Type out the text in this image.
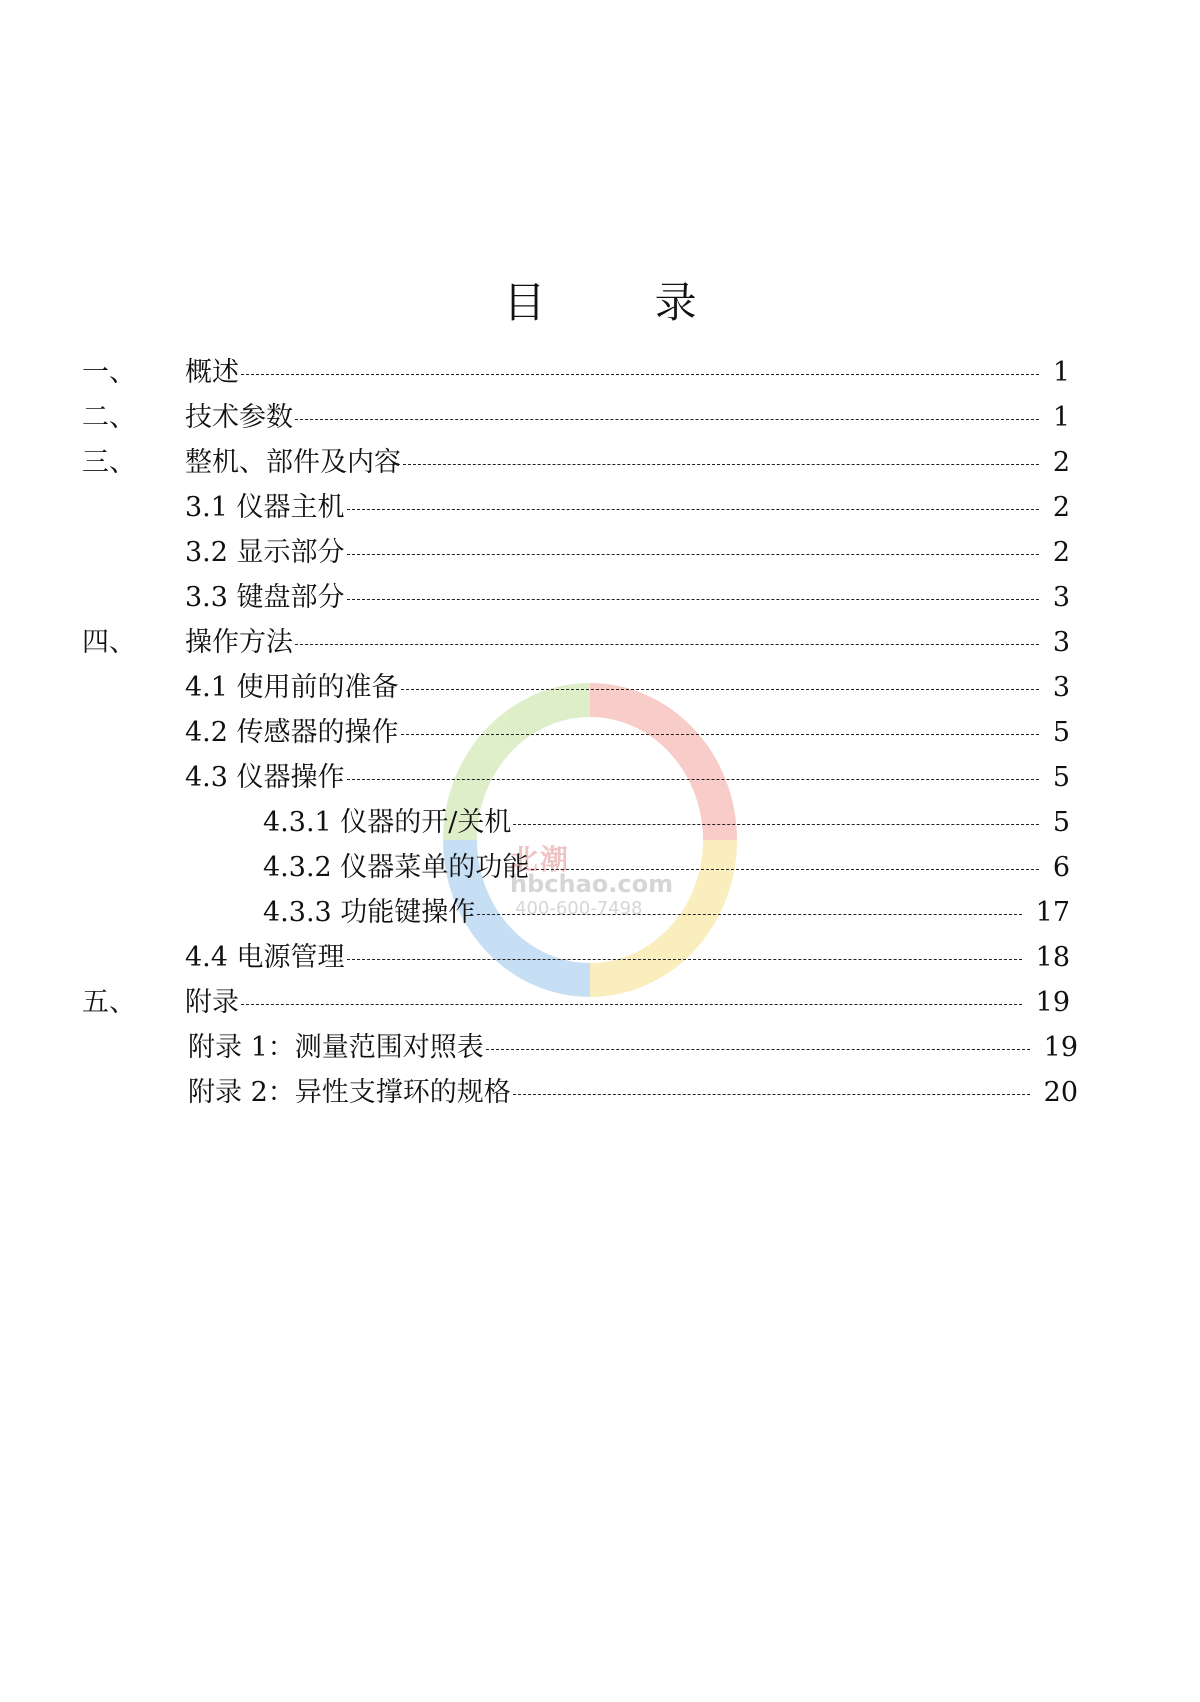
北潮
hbchao.com
400-600-7498
目 录
一、 概述	1
二、 技术参数	1
三、 整机、部件及内容	2
3.1 仪器主机	2
3.2 显示部分	2
3.3 键盘部分	3
四、 操作方法	3
4.1 使用前的准备	3
4.2 传感器的操作	5
4.3 仪器操作	5
4.3.1 仪器的开/关机	5
4.3.2 仪器菜单的功能	6
4.3.3 功能键操作	17
4.4 电源管理	18
五、 附录	19
附录 1：测量范围对照表	19
附录 2：异性支撑环的规格	20
